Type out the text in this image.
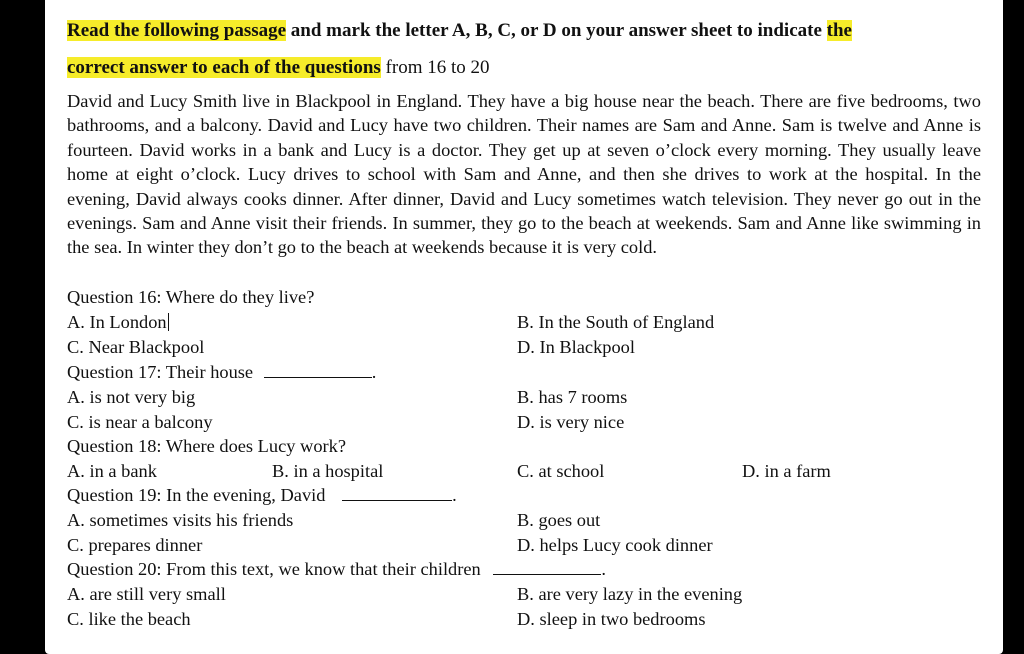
Read the following passage and mark the letter A, B, C, or D on your answer sheet to indicate the
correct answer to each of the questions from 16 to 20
David and Lucy Smith live in Blackpool in England. They have a big house near the beach. There are five bedrooms, two bathrooms, and a balcony. David and Lucy have two children. Their names are Sam and Anne. Sam is twelve and Anne is fourteen. David works in a bank and Lucy is a doctor. They get up at seven o’clock every morning. They usually leave home at eight o’clock. Lucy drives to school with Sam and Anne, and then she drives to work at the hospital. In the evening, David always cooks dinner. After dinner, David and Lucy sometimes watch television. They never go out in the evenings. Sam and Anne visit their friends. In summer, they go to the beach at weekends. Sam and Anne like swimming in the sea. In winter they don’t go to the beach at weekends because it is very cold.
Question 16: Where do they live?
A. In London	B. In the South of England
C. Near Blackpool	D. In Blackpool
Question 17: Their house	.
A. is not very big	B. has 7 rooms
C. is near a balcony	D. is very nice
Question 18: Where does Lucy work?
A. in a bank	B. in a hospital	C. at school	D. in a farm
Question 19: In the evening, David	.
A. sometimes visits his friends	B. goes out
C. prepares dinner	D. helps Lucy cook dinner
Question 20: From this text, we know that their children	.
A. are still very small	B. are very lazy in the evening
C. like the beach	D. sleep in two bedrooms
